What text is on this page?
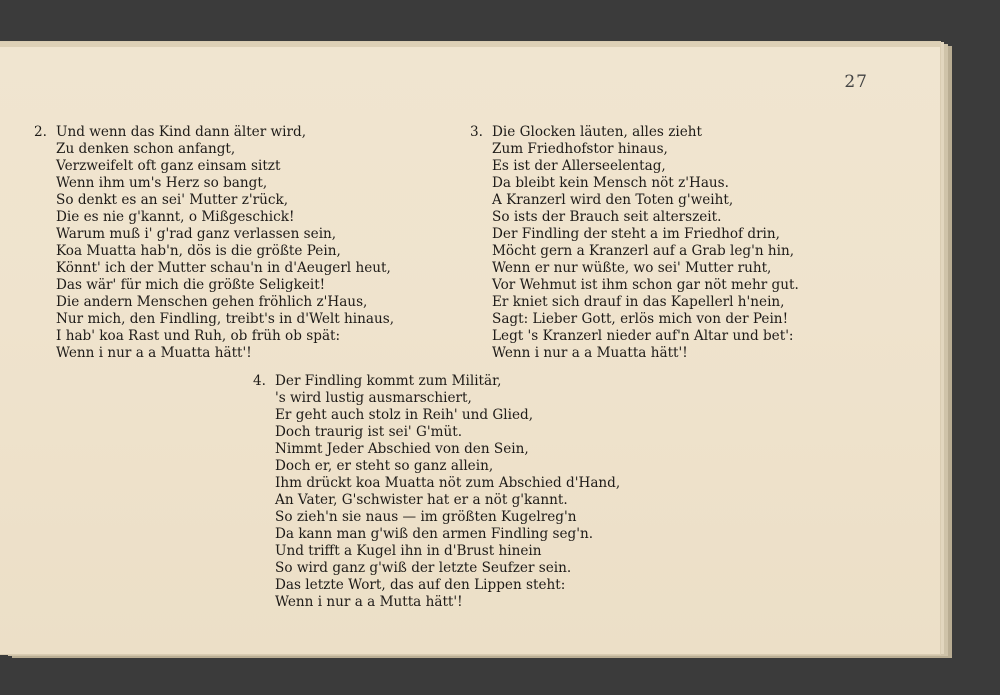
27
2. Und wenn das Kind dann älter wird,
Zu denken schon anfangt,
Verzweifelt oft ganz einsam sitzt
Wenn ihm um's Herz so bangt,
So denkt es an sei' Mutter z'rück,
Die es nie g'kannt, o Mißgeschick!
Warum muß i' g'rad ganz verlassen sein,
Koa Muatta hab'n, dös is die größte Pein,
Könnt' ich der Mutter schau'n in d'Aeugerl heut,
Das wär' für mich die größte Seligkeit!
Die andern Menschen gehen fröhlich z'Haus,
Nur mich, den Findling, treibt's in d'Welt hinaus,
I hab' koa Rast und Ruh, ob früh ob spät:
Wenn i nur a a Muatta hätt'!
3. Die Glocken läuten, alles zieht
Zum Friedhofstor hinaus,
Es ist der Allerseelentag,
Da bleibt kein Mensch nöt z'Haus.
A Kranzerl wird den Toten g'weiht,
So ists der Brauch seit alterszeit.
Der Findling der steht a im Friedhof drin,
Möcht gern a Kranzerl auf a Grab leg'n hin,
Wenn er nur wüßte, wo sei' Mutter ruht,
Vor Wehmut ist ihm schon gar nöt mehr gut.
Er kniet sich drauf in das Kapellerl h'nein,
Sagt: Lieber Gott, erlös mich von der Pein!
Legt 's Kranzerl nieder auf'n Altar und bet':
Wenn i nur a a Muatta hätt'!
4. Der Findling kommt zum Militär,
's wird lustig ausmarschiert,
Er geht auch stolz in Reih' und Glied,
Doch traurig ist sei' G'müt.
Nimmt Jeder Abschied von den Sein,
Doch er, er steht so ganz allein,
Ihm drückt koa Muatta nöt zum Abschied d'Hand,
An Vater, G'schwister hat er a nöt g'kannt.
So zieh'n sie naus — im größten Kugelreg'n
Da kann man g'wiß den armen Findling seg'n.
Und trifft a Kugel ihn in d'Brust hinein
So wird ganz g'wiß der letzte Seufzer sein.
Das letzte Wort, das auf den Lippen steht:
Wenn i nur a a Mutta hätt'!
